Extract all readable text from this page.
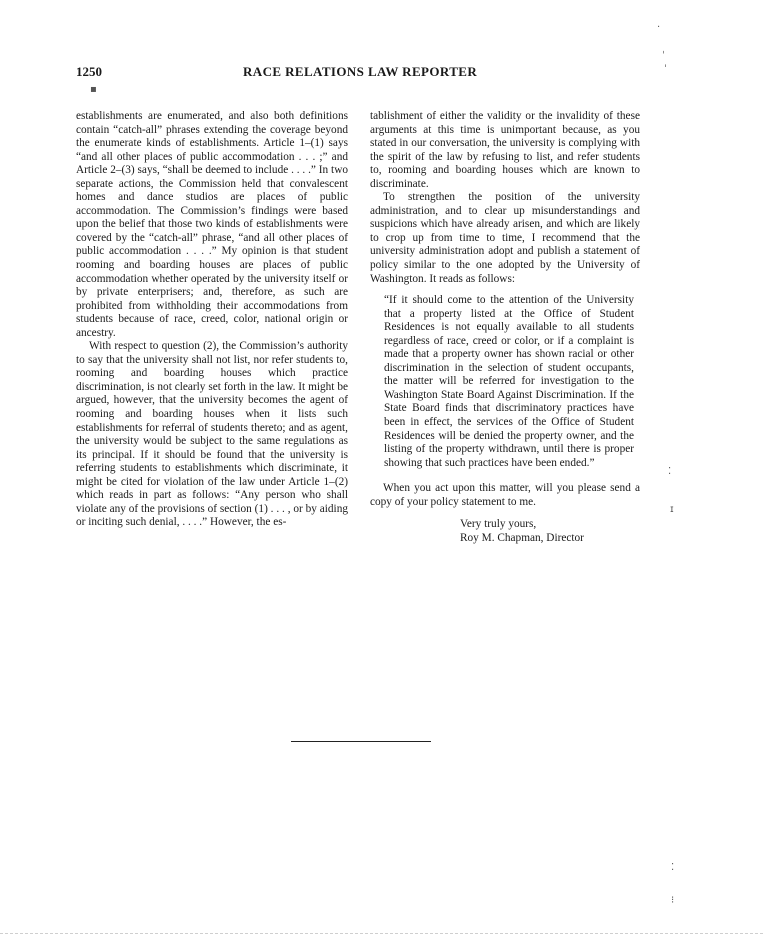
1250	RACE RELATIONS LAW REPORTER
▪
·
ˌ
ˈ
⁚
ɪ
⁚
⁝

establishments are enumerated, and also both definitions contain “catch-all” phrases extending the coverage beyond the enumerate kinds of establishments. Article 1–(1) says “and all other places of public accommodation . . . ;” and Article 2–(3) says, “shall be deemed to include . . . .” In two separate actions, the Commission held that convalescent homes and dance studios are places of public accommodation. The Commission’s findings were based upon the belief that those two kinds of establishments were covered by the “catch-all” phrase, “and all other places of public accommodation . . . .” My opinion is that student rooming and boarding houses are places of public accommodation whether operated by the university itself or by private enterprisers; and, therefore, as such are prohibited from withholding their accommodations from students because of race, creed, color, national origin or ancestry.

With respect to question (2), the Commission’s authority to say that the university shall not list, nor refer students to, rooming and boarding houses which practice discrimination, is not clearly set forth in the law. It might be argued, however, that the university becomes the agent of rooming and boarding houses when it lists such establishments for referral of students thereto; and as agent, the university would be subject to the same regulations as its principal. If it should be found that the university is referring students to establishments which discriminate, it might be cited for violation of the law under Article 1–(2) which reads in part as follows: “Any person who shall violate any of the provisions of section (1) . . . , or by aiding or inciting such denial, . . . .” However, the es-

tablishment of either the validity or the invalidity of these arguments at this time is unimportant because, as you stated in our conversation, the university is complying with the spirit of the law by refusing to list, and refer students to, rooming and boarding houses which are known to discriminate.

To strengthen the position of the university administration, and to clear up misunderstandings and suspicions which have already arisen, and which are likely to crop up from time to time, I recommend that the university administration adopt and publish a statement of policy similar to the one adopted by the University of Washington. It reads as follows:

“If it should come to the attention of the University that a property listed at the Office of Student Residences is not equally available to all students regardless of race, creed or color, or if a complaint is made that a property owner has shown racial or other discrimination in the selection of student occupants, the matter will be referred for investigation to the Washington State Board Against Discrimination. If the State Board finds that discriminatory practices have been in effect, the services of the Office of Student Residences will be denied the property owner, and the listing of the property withdrawn, until there is proper showing that such practices have been ended.”

When you act upon this matter, will you please send a copy of your policy statement to me.

Very truly yours,
Roy M. Chapman, Director
